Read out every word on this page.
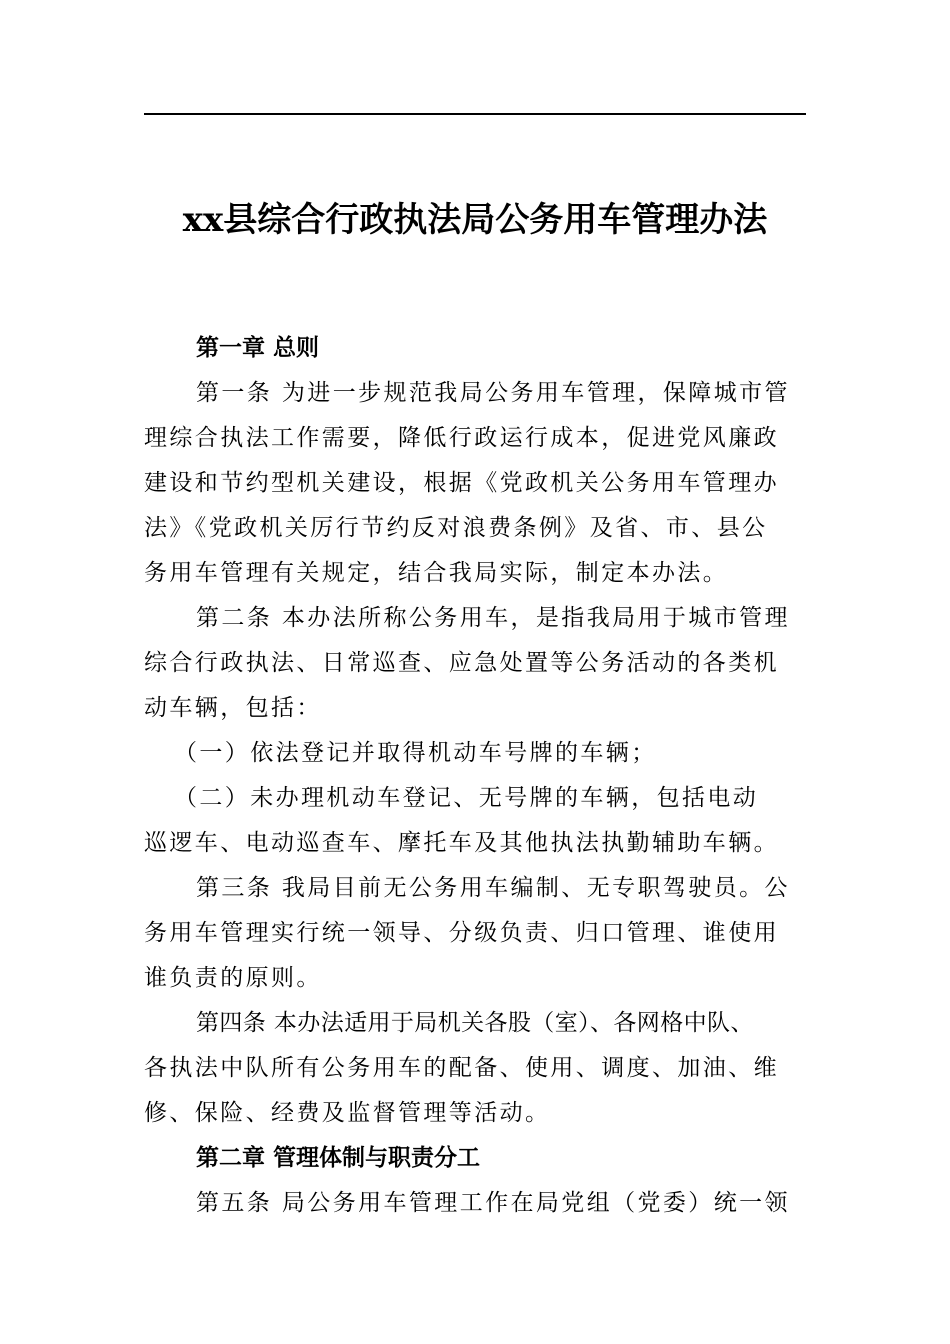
xx县综合行政执法局公务用车管理办法
第一章 总则
第一条 为进一步规范我局公务用车管理，保障城市管
理综合执法工作需要，降低行政运行成本，促进党风廉政
建设和节约型机关建设，根据《党政机关公务用车管理办
法》《党政机关厉行节约反对浪费条例》及省、市、县公
务用车管理有关规定，结合我局实际，制定本办法。
第二条 本办法所称公务用车，是指我局用于城市管理
综合行政执法、日常巡查、应急处置等公务活动的各类机
动车辆，包括：
（一）依法登记并取得机动车号牌的车辆；
（二）未办理机动车登记、无号牌的车辆，包括电动
巡逻车、电动巡查车、摩托车及其他执法执勤辅助车辆。
第三条 我局目前无公务用车编制、无专职驾驶员。公
务用车管理实行统一领导、分级负责、归口管理、谁使用
谁负责的原则。
第四条 本办法适用于局机关各股（室）、各网格中队、
各执法中队所有公务用车的配备、使用、调度、加油、维
修、保险、经费及监督管理等活动。
第二章 管理体制与职责分工
第五条 局公务用车管理工作在局党组（党委）统一领
